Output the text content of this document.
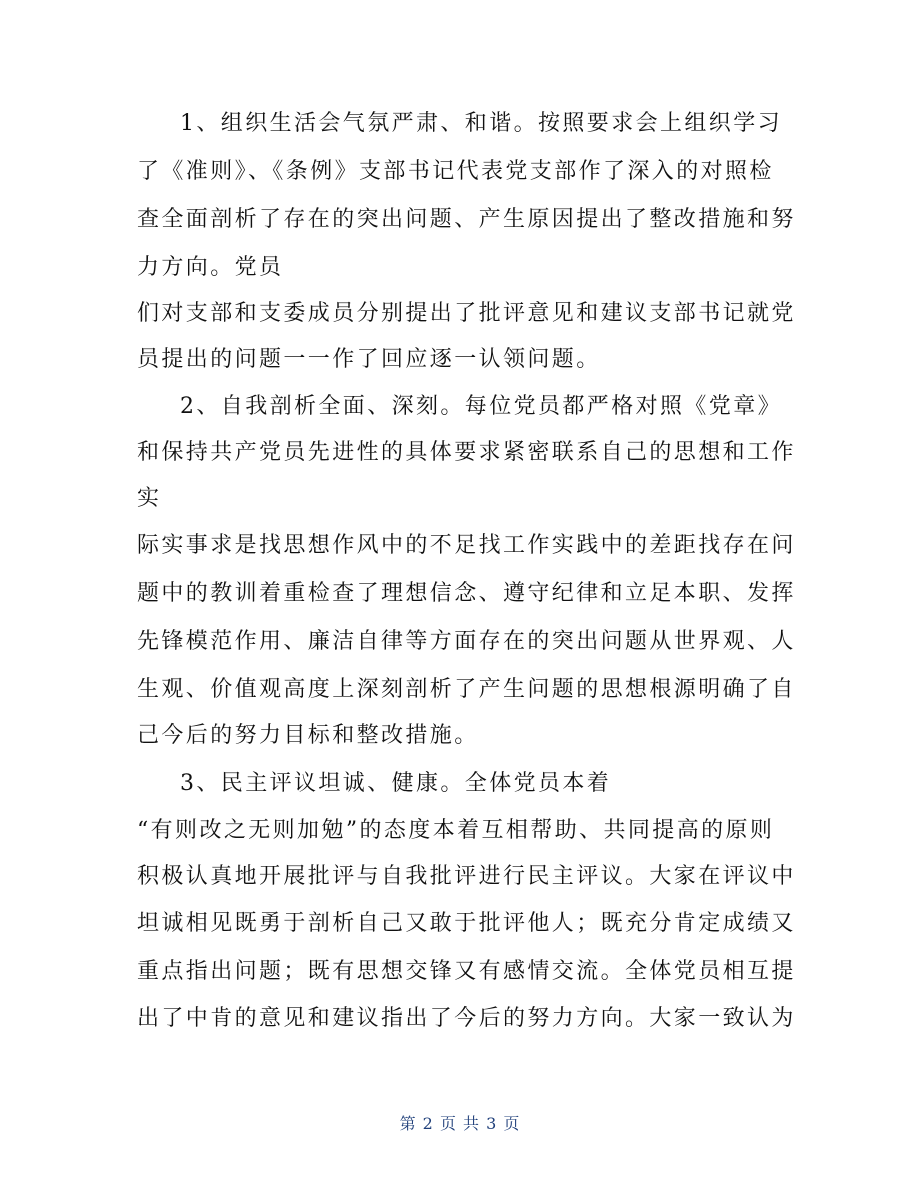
1、组织生活会气氛严肃、和谐。按照要求会上组织学习
了《准则》、《条例》支部书记代表党支部作了深入的对照检
查全面剖析了存在的突出问题、产生原因提出了整改措施和努
力方向。党员
们对支部和支委成员分别提出了批评意见和建议支部书记就党
员提出的问题一一作了回应逐一认领问题。
2、自我剖析全面、深刻。每位党员都严格对照《党章》
和保持共产党员先进性的具体要求紧密联系自己的思想和工作
实
际实事求是找思想作风中的不足找工作实践中的差距找存在问
题中的教训着重检查了理想信念、遵守纪律和立足本职、发挥
先锋模范作用、廉洁自律等方面存在的突出问题从世界观、人
生观、价值观高度上深刻剖析了产生问题的思想根源明确了自
己今后的努力目标和整改措施。
3、民主评议坦诚、健康。全体党员本着
“有则改之无则加勉”的态度本着互相帮助、共同提高的原则
积极认真地开展批评与自我批评进行民主评议。大家在评议中
坦诚相见既勇于剖析自己又敢于批评他人；既充分肯定成绩又
重点指出问题；既有思想交锋又有感情交流。全体党员相互提
出了中肯的意见和建议指出了今后的努力方向。大家一致认为
第 2 页 共 3 页
